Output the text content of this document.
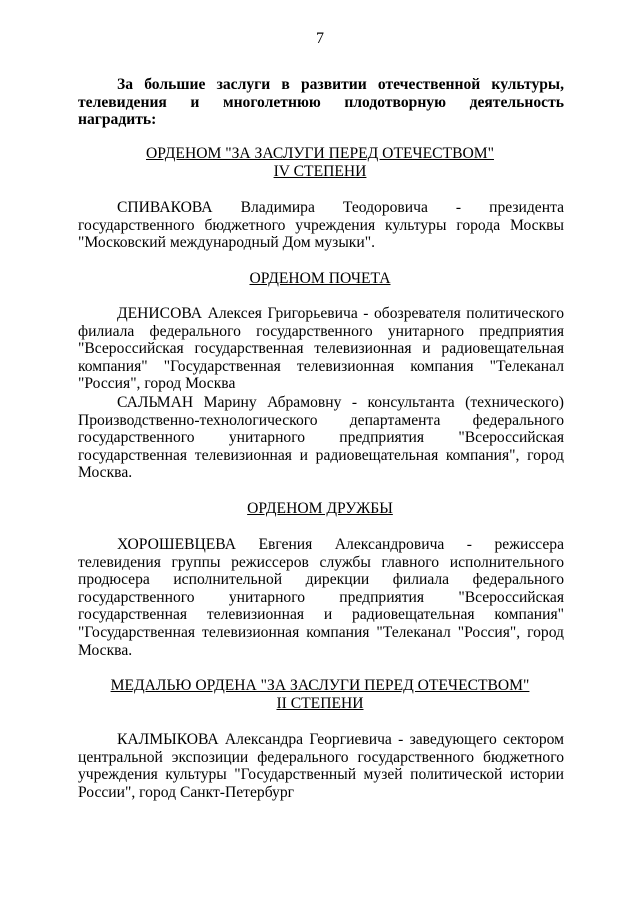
7

За большие заслуги в развитии отечественной культуры, телевидения и многолетнюю плодотворную деятельность наградить:

ОРДЕНОМ "ЗА ЗАСЛУГИ ПЕРЕД ОТЕЧЕСТВОМ"
IV СТЕПЕНИ

СПИВАКОВА Владимира Теодоровича - президента государственного бюджетного учреждения культуры города Москвы "Московский международный Дом музыки".

ОРДЕНОМ ПОЧЕТА

ДЕНИСОВА Алексея Григорьевича - обозревателя политического филиала федерального государственного унитарного предприятия "Всероссийская государственная телевизионная и радиовещательная компания" "Государственная телевизионная компания "Телеканал "Россия", город Москва

САЛЬМАН Марину Абрамовну - консультанта (технического) Производственно-технологического департамента федерального государственного унитарного предприятия "Всероссийская государственная телевизионная и радиовещательная компания", город Москва.

ОРДЕНОМ ДРУЖБЫ

ХОРОШЕВЦЕВА Евгения Александровича - режиссера телевидения группы режиссеров службы главного исполнительного продюсера исполнительной дирекции филиала федерального государственного унитарного предприятия "Всероссийская государственная телевизионная и радиовещательная компания" "Государственная телевизионная компания "Телеканал "Россия", город Москва.

МЕДАЛЬЮ ОРДЕНА "ЗА ЗАСЛУГИ ПЕРЕД ОТЕЧЕСТВОМ"
II СТЕПЕНИ

КАЛМЫКОВА Александра Георгиевича - заведующего сектором центральной экспозиции федерального государственного бюджетного учреждения культуры "Государственный музей политической истории России", город Санкт-Петербург
